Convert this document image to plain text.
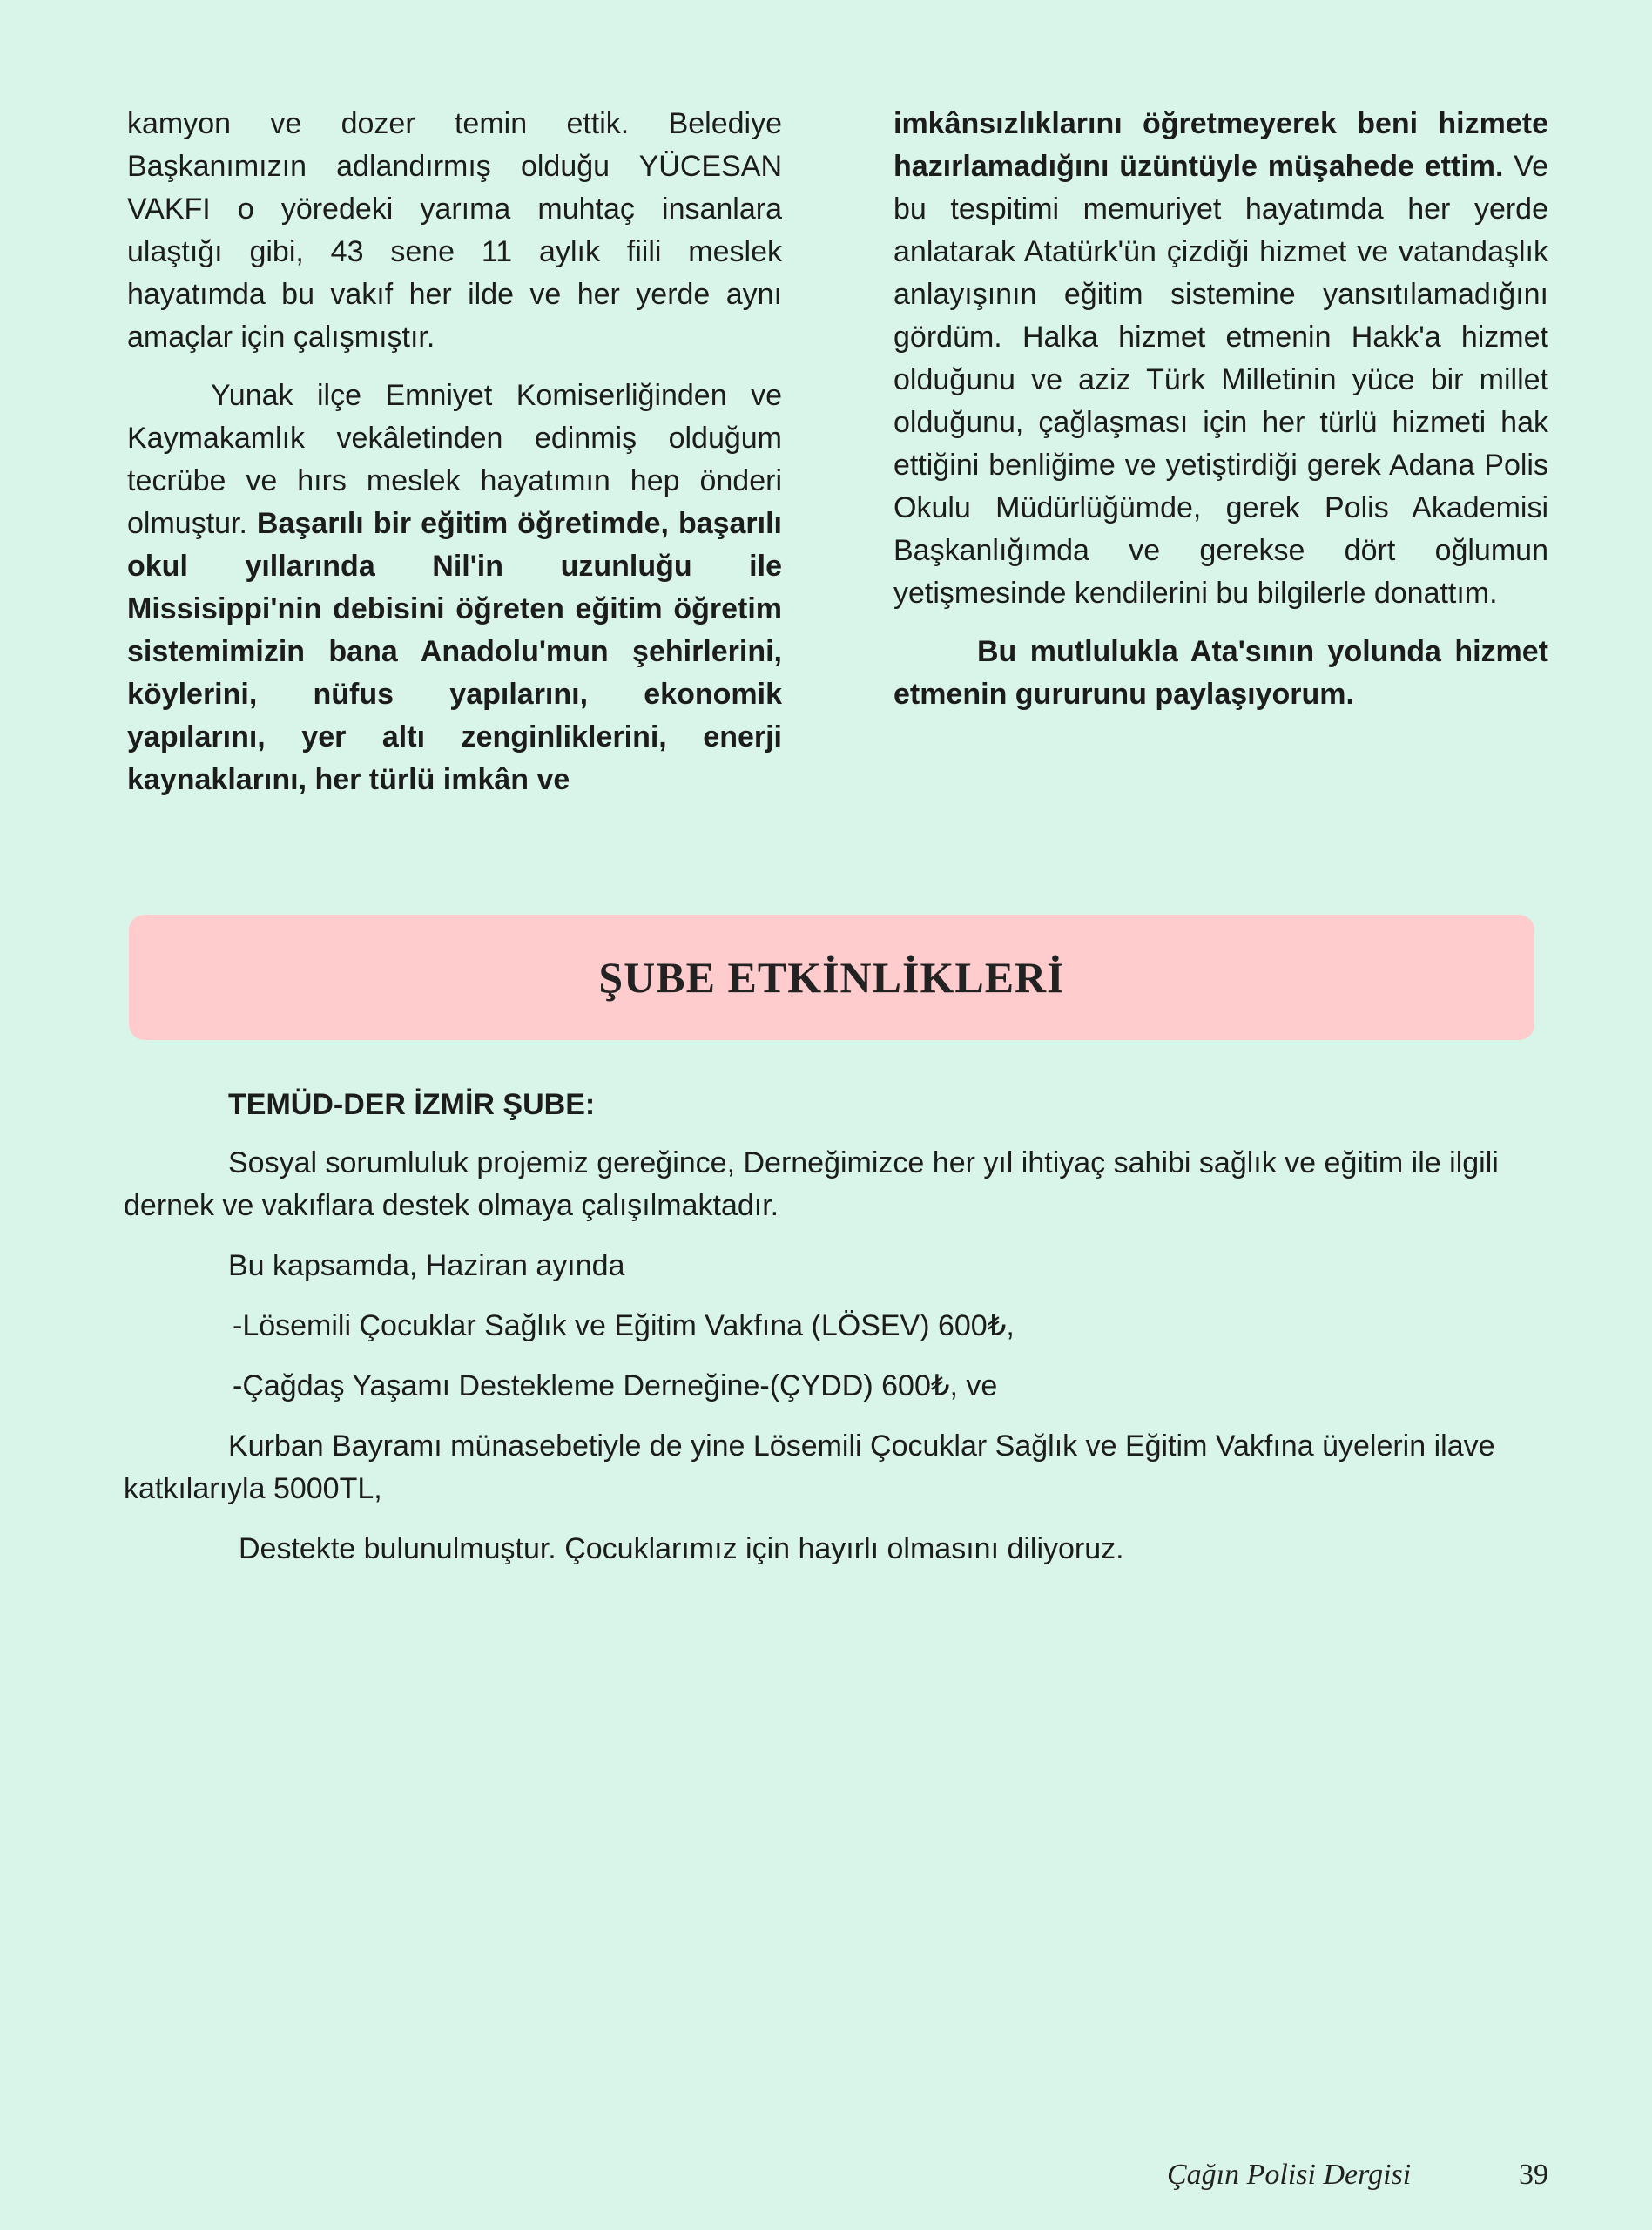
kamyon ve dozer temin ettik. Belediye Başkanımızın adlandırmış olduğu YÜCESAN VAKFI o yöredeki yarıma muhtaç insanlara ulaştığı gibi, 43 sene 11 aylık fiili meslek hayatımda bu vakıf her ilde ve her yerde aynı amaçlar için çalışmıştır.

Yunak ilçe Emniyet Komiserliğinden ve Kaymakamlık vekâletinden edinmiş olduğum tecrübe ve hırs meslek hayatımın hep önderi olmuştur. Başarılı bir eğitim öğretimde, başarılı okul yıllarında Nil'in uzunluğu ile Missisippi'nin debisini öğreten eğitim öğretim sistemimizin bana Anadolu'mun şehirlerini, köylerini, nüfus yapılarını, ekonomik yapılarını, yer altı zenginliklerini, enerji kaynaklarını, her türlü imkân ve

imkânsızlıklarını öğretmeyerek beni hizmete hazırlamadığını üzüntüyle müşahede ettim. Ve bu tespitimi memuriyet hayatımda her yerde anlatarak Atatürk'ün çizdiği hizmet ve vatandaşlık anlayışının eğitim sistemine yansıtılamadığını gördüm. Halka hizmet etmenin Hakk'a hizmet olduğunu ve aziz Türk Milletinin yüce bir millet olduğunu, çağlaşması için her türlü hizmeti hak ettiğini benliğime ve yetiştirdiği gerek Adana Polis Okulu Müdürlüğümde, gerek Polis Akademisi Başkanlığımda ve gerekse dört oğlumun yetişmesinde kendilerini bu bilgilerle donattım.

Bu mutlulukla Ata'sının yolunda hizmet etmenin gururunu paylaşıyorum.

ŞUBE ETKİNLİKLERİ

TEMÜD-DER İZMİR ŞUBE:

Sosyal sorumluluk projemiz gereğince, Derneğimizce her yıl ihtiyaç sahibi sağlık ve eğitim ile ilgili dernek ve vakıflara destek olmaya çalışılmaktadır.

Bu kapsamda, Haziran ayında

-Lösemili Çocuklar Sağlık ve Eğitim Vakfına (LÖSEV) 600₺,

-Çağdaş Yaşamı Destekleme Derneğine-(ÇYDD) 600₺, ve

Kurban Bayramı münasebetiyle de yine Lösemili Çocuklar Sağlık ve Eğitim Vakfına üyelerin ilave katkılarıyla 5000TL,

Destekte bulunulmuştur. Çocuklarımız için hayırlı olmasını diliyoruz.

Çağın Polisi Dergisi	39
